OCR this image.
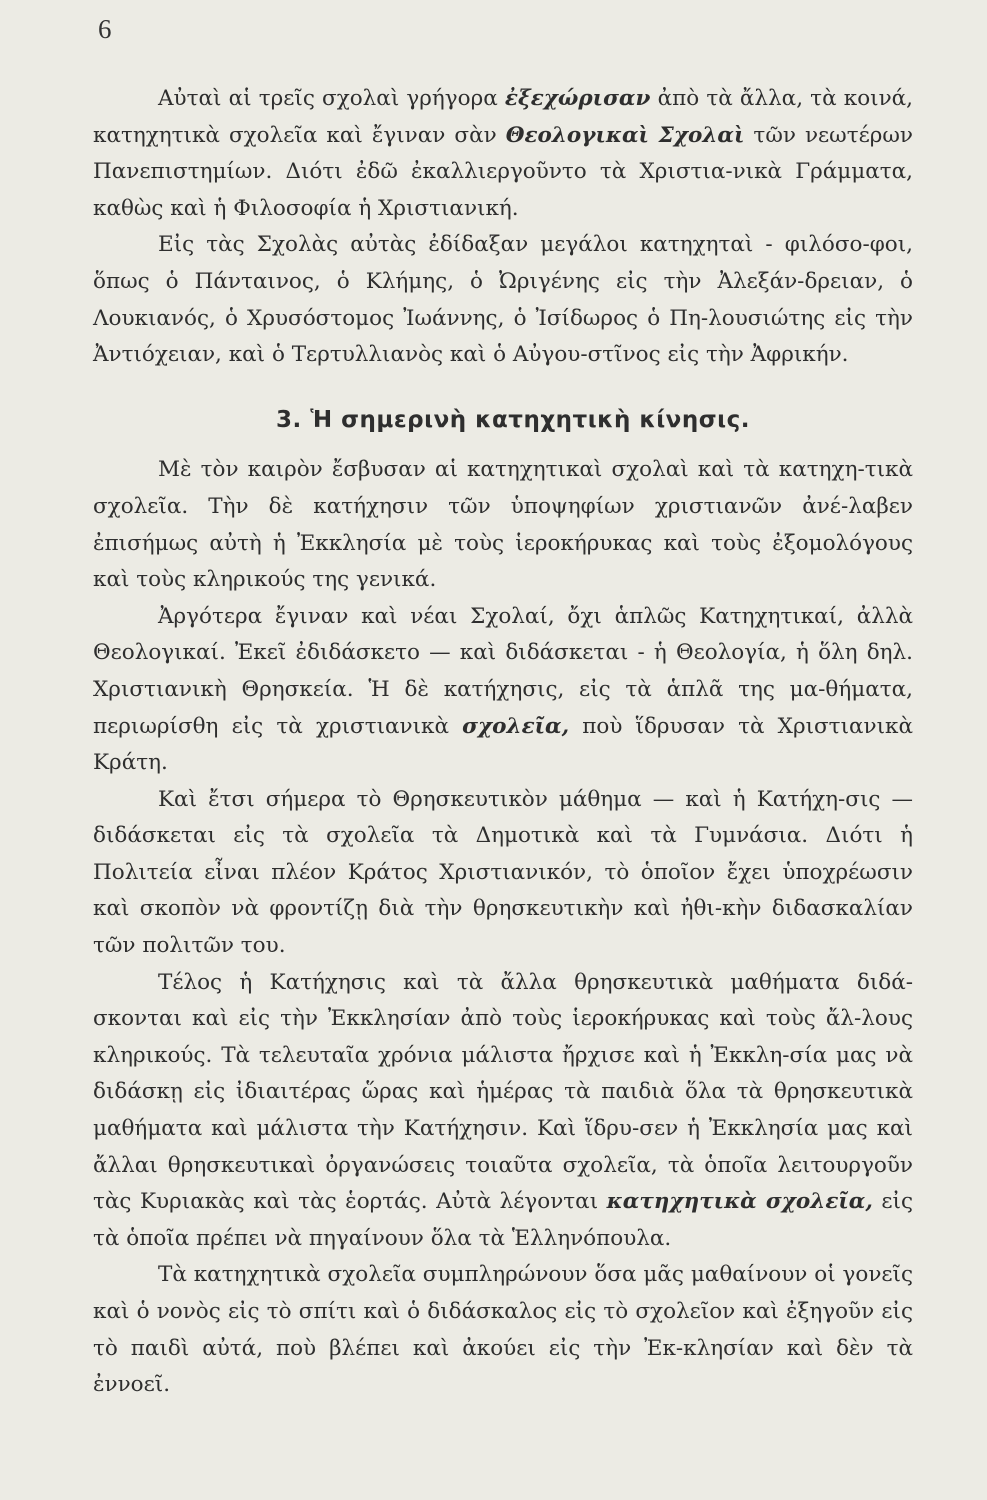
6

Αὐταὶ αἱ τρεῖς σχολαὶ γρήγορα ἐξεχώρισαν ἀπὸ τὰ ἄλλα, τὰ κοινά, κατηχητικὰ σχολεῖα καὶ ἔγιναν σὰν Θεολογικαὶ Σχολαὶ τῶν νεωτέρων Πανεπιστημίων. Διότι ἐδῶ ἐκαλλιεργοῦντο τὰ Χριστια-νικὰ Γράμματα, καθὼς καὶ ἡ Φιλοσοφία ἡ Χριστιανική.

Εἰς τὰς Σχολὰς αὐτὰς ἐδίδαξαν μεγάλοι κατηχηταὶ - φιλόσο-φοι, ὅπως ὁ Πάνταινος, ὁ Κλήμης, ὁ Ὠριγένης εἰς τὴν Ἀλεξάν-δρειαν, ὁ Λουκιανός, ὁ Χρυσόστομος Ἰωάννης, ὁ Ἰσίδωρος ὁ Πη-λουσιώτης εἰς τὴν Ἀντιόχειαν, καὶ ὁ Τερτυλλιανὸς καὶ ὁ Αὐγου-στῖνος εἰς τὴν Ἀφρικήν.

3. Ἡ σημερινὴ κατηχητικὴ κίνησις.

Μὲ τὸν καιρὸν ἔσβυσαν αἱ κατηχητικαὶ σχολαὶ καὶ τὰ κατηχη-τικὰ σχολεῖα. Τὴν δὲ κατήχησιν τῶν ὑποψηφίων χριστιανῶν ἀνέ-λαβεν ἐπισήμως αὐτὴ ἡ Ἐκκλησία μὲ τοὺς ἱεροκήρυκας καὶ τοὺς ἐξομολόγους καὶ τοὺς κληρικούς της γενικά.

Ἀργότερα ἔγιναν καὶ νέαι Σχολαί, ὄχι ἁπλῶς Κατηχητικαί, ἀλλὰ Θεολογικαί. Ἐκεῖ ἐδιδάσκετο — καὶ διδάσκεται - ἡ Θεολογία, ἡ ὅλη δηλ. Χριστιανικὴ Θρησκεία. Ἡ δὲ κατήχησις, εἰς τὰ ἁπλᾶ της μα-θήματα, περιωρίσθη εἰς τὰ χριστιανικὰ σχολεῖα, ποὺ ἵδρυσαν τὰ Χριστιανικὰ Κράτη.

Καὶ ἔτσι σήμερα τὸ Θρησκευτικὸν μάθημα — καὶ ἡ Κατήχη-σις — διδάσκεται εἰς τὰ σχολεῖα τὰ Δημοτικὰ καὶ τὰ Γυμνάσια. Διότι ἡ Πολιτεία εἶναι πλέον Κράτος Χριστιανικόν, τὸ ὁποῖον ἔχει ὑποχρέωσιν καὶ σκοπὸν νὰ φροντίζῃ διὰ τὴν θρησκευτικὴν καὶ ἠθι-κὴν διδασκαλίαν τῶν πολιτῶν του.

Τέλος ἡ Κατήχησις καὶ τὰ ἄλλα θρησκευτικὰ μαθήματα διδά-σκονται καὶ εἰς τὴν Ἐκκλησίαν ἀπὸ τοὺς ἱεροκήρυκας καὶ τοὺς ἄλ-λους κληρικούς. Τὰ τελευταῖα χρόνια μάλιστα ἤρχισε καὶ ἡ Ἐκκλη-σία μας νὰ διδάσκῃ εἰς ἰδιαιτέρας ὥρας καὶ ἡμέρας τὰ παιδιὰ ὅλα τὰ θρησκευτικὰ μαθήματα καὶ μάλιστα τὴν Κατήχησιν. Καὶ ἵδρυ-σεν ἡ Ἐκκλησία μας καὶ ἄλλαι θρησκευτικαὶ ὀργανώσεις τοιαῦτα σχολεῖα, τὰ ὁποῖα λειτουργοῦν τὰς Κυριακὰς καὶ τὰς ἑορτάς. Αὐτὰ λέγονται κατηχητικὰ σχολεῖα, εἰς τὰ ὁποῖα πρέπει νὰ πηγαίνουν ὅλα τὰ Ἑλληνόπουλα.

Τὰ κατηχητικὰ σχολεῖα συμπληρώνουν ὅσα μᾶς μαθαίνουν οἱ γονεῖς καὶ ὁ νονὸς εἰς τὸ σπίτι καὶ ὁ διδάσκαλος εἰς τὸ σχολεῖον καὶ ἐξηγοῦν εἰς τὸ παιδὶ αὐτά, ποὺ βλέπει καὶ ἀκούει εἰς τὴν Ἐκ-κλησίαν καὶ δὲν τὰ ἐννοεῖ.
